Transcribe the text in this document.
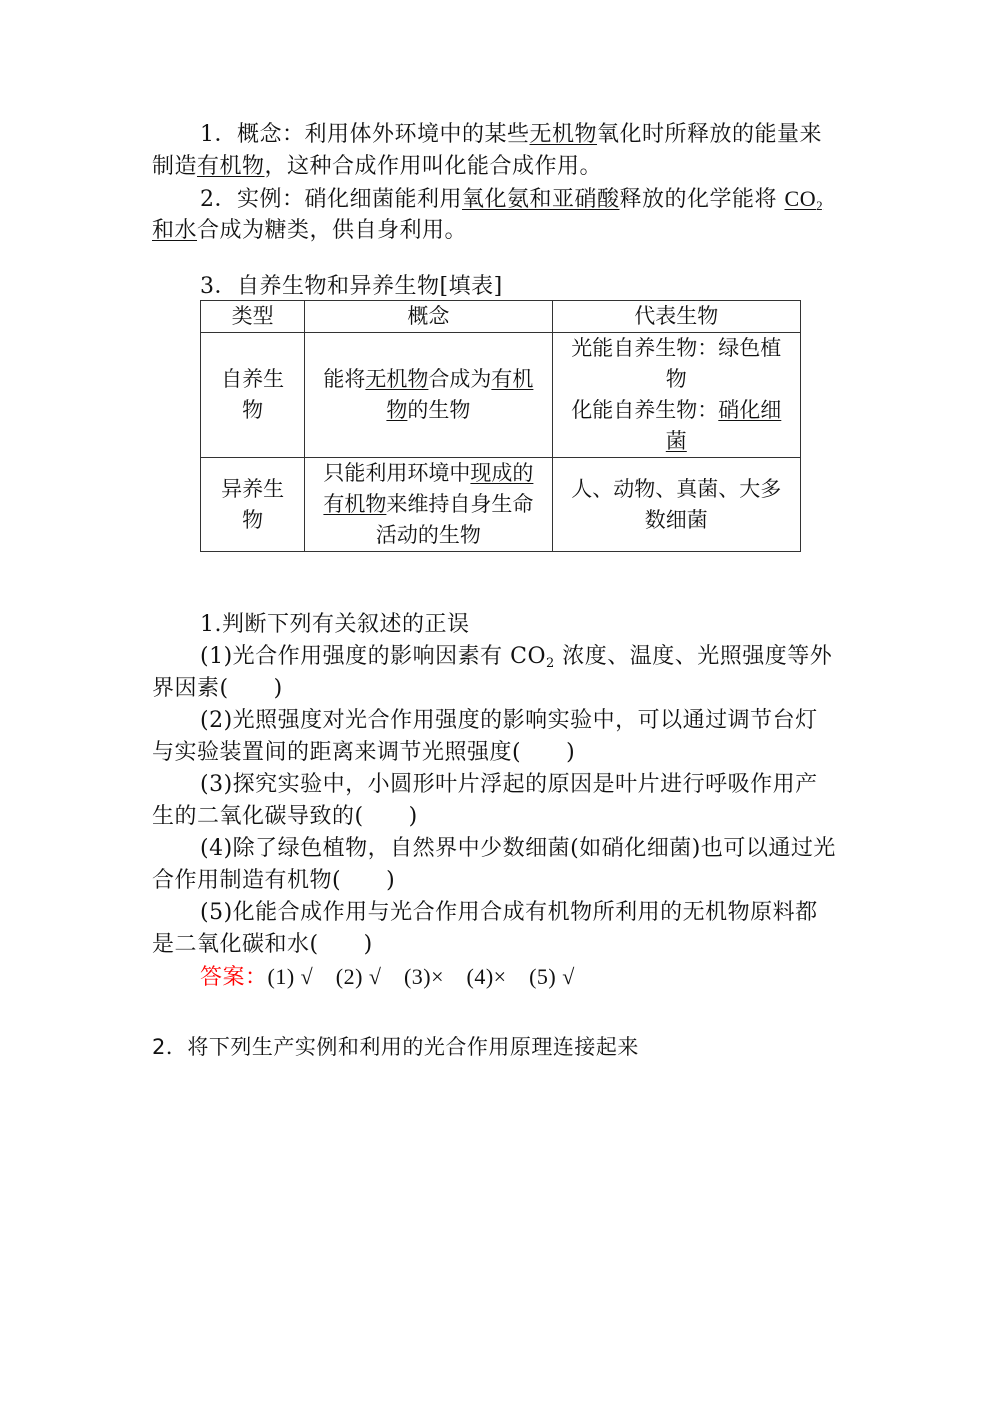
1．概念：利用体外环境中的某些无机物氧化时所释放的能量来
制造有机物，这种合成作用叫化能合成作用。
2．实例：硝化细菌能利用氧化氨和亚硝酸释放的化学能将 $CO_2$
和水合成为糖类，供自身利用。
3．自养生物和异养生物[填表]
类型	概念	代表生物

自养生物	能将无机物合成为有机物的生物	光能自养生物：绿色植物
化能自养生物：硝化细菌

异养生物	只能利用环境中现成的有机物来维持自身生命活动的生物	人、动物、真菌、大多数细菌
1.判断下列有关叙述的正误
(1)光合作用强度的影响因素有 $CO_2$ 浓度、温度、光照强度等外
界因素(　　)
(2)光照强度对光合作用强度的影响实验中，可以通过调节台灯
与实验装置间的距离来调节光照强度(　　)
(3)探究实验中，小圆形叶片浮起的原因是叶片进行呼吸作用产
生的二氧化碳导致的(　　)
(4)除了绿色植物，自然界中少数细菌(如硝化细菌)也可以通过光
合作用制造有机物(　　)
(5)化能合成作用与光合作用合成有机物所利用的无机物原料都
是二氧化碳和水(　　)
答案：(1) √　(2) √　(3)×　(4)×　(5) √
2．将下列生产实例和利用的光合作用原理连接起来
